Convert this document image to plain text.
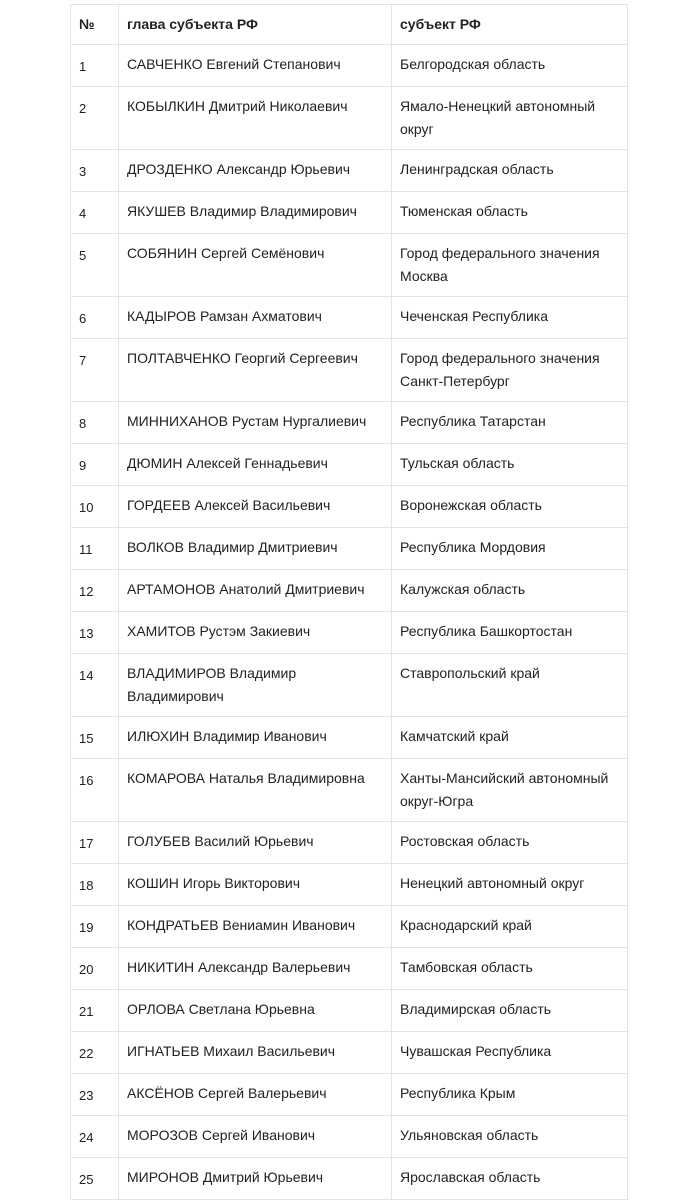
№	глава субъекта РФ	субъект РФ
1	САВЧЕНКО Евгений Степанович	Белгородская область
2	КОБЫЛКИН Дмитрий Николаевич	Ямало-Ненецкий автономный округ
3	ДРОЗДЕНКО Александр Юрьевич	Ленинградская область
4	ЯКУШЕВ Владимир Владимирович	Тюменская область
5	СОБЯНИН Сергей Семёнович	Город федерального значения Москва
6	КАДЫРОВ Рамзан Ахматович	Чеченская Республика
7	ПОЛТАВЧЕНКО Георгий Сергеевич	Город федерального значения Санкт-Петербург
8	МИННИХАНОВ Рустам Нургалиевич	Республика Татарстан
9	ДЮМИН Алексей Геннадьевич	Тульская область
10	ГОРДЕЕВ Алексей Васильевич	Воронежская область
11	ВОЛКОВ Владимир Дмитриевич	Республика Мордовия
12	АРТАМОНОВ Анатолий Дмитриевич	Калужская область
13	ХАМИТОВ Рустэм Закиевич	Республика Башкортостан
14	ВЛАДИМИРОВ Владимир Владимирович	Ставропольский край
15	ИЛЮХИН Владимир Иванович	Камчатский край
16	КОМАРОВА Наталья Владимировна	Ханты-Мансийский автономный округ-Югра
17	ГОЛУБЕВ Василий Юрьевич	Ростовская область
18	КОШИН Игорь Викторович	Ненецкий автономный округ
19	КОНДРАТЬЕВ Вениамин Иванович	Краснодарский край
20	НИКИТИН Александр Валерьевич	Тамбовская область
21	ОРЛОВА Светлана Юрьевна	Владимирская область
22	ИГНАТЬЕВ Михаил Васильевич	Чувашская Республика
23	АКСЁНОВ Сергей Валерьевич	Республика Крым
24	МОРОЗОВ Сергей Иванович	Ульяновская область
25	МИРОНОВ Дмитрий Юрьевич	Ярославская область
